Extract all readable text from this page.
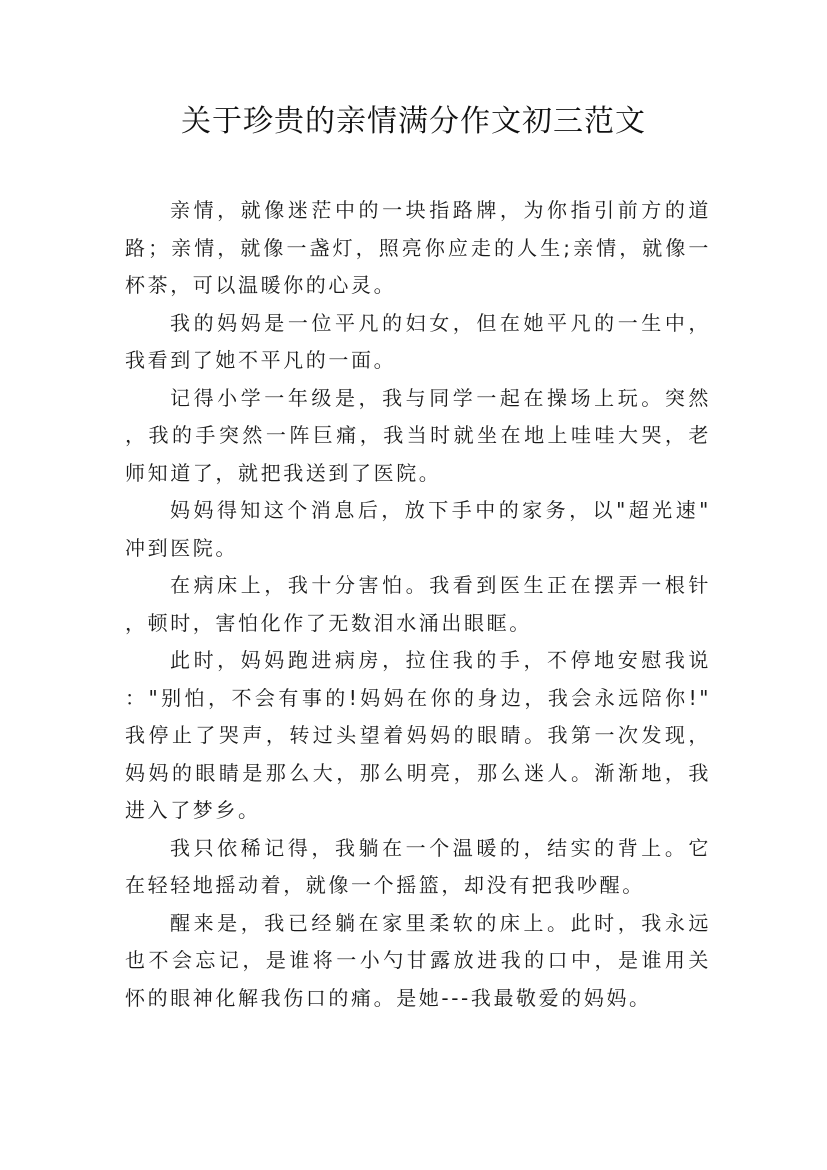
关于珍贵的亲情满分作文初三范文

亲情，就像迷茫中的一块指路牌，为你指引前方的道路；亲情，就像一盏灯，照亮你应走的人生;亲情，就像一杯茶，可以温暖你的心灵。

我的妈妈是一位平凡的妇女，但在她平凡的一生中，我看到了她不平凡的一面。

记得小学一年级是，我与同学一起在操场上玩。突然，我的手突然一阵巨痛，我当时就坐在地上哇哇大哭，老师知道了，就把我送到了医院。

妈妈得知这个消息后，放下手中的家务，以"超光速"冲到医院。

在病床上，我十分害怕。我看到医生正在摆弄一根针，顿时，害怕化作了无数泪水涌出眼眶。

此时，妈妈跑进病房，拉住我的手，不停地安慰我说："别怕，不会有事的!妈妈在你的身边，我会永远陪你!"我停止了哭声，转过头望着妈妈的眼睛。我第一次发现，妈妈的眼睛是那么大，那么明亮，那么迷人。渐渐地，我进入了梦乡。

我只依稀记得，我躺在一个温暖的，结实的背上。它在轻轻地摇动着，就像一个摇篮，却没有把我吵醒。

醒来是，我已经躺在家里柔软的床上。此时，我永远也不会忘记，是谁将一小勺甘露放进我的口中，是谁用关怀的眼神化解我伤口的痛。是她---我最敬爱的妈妈。
